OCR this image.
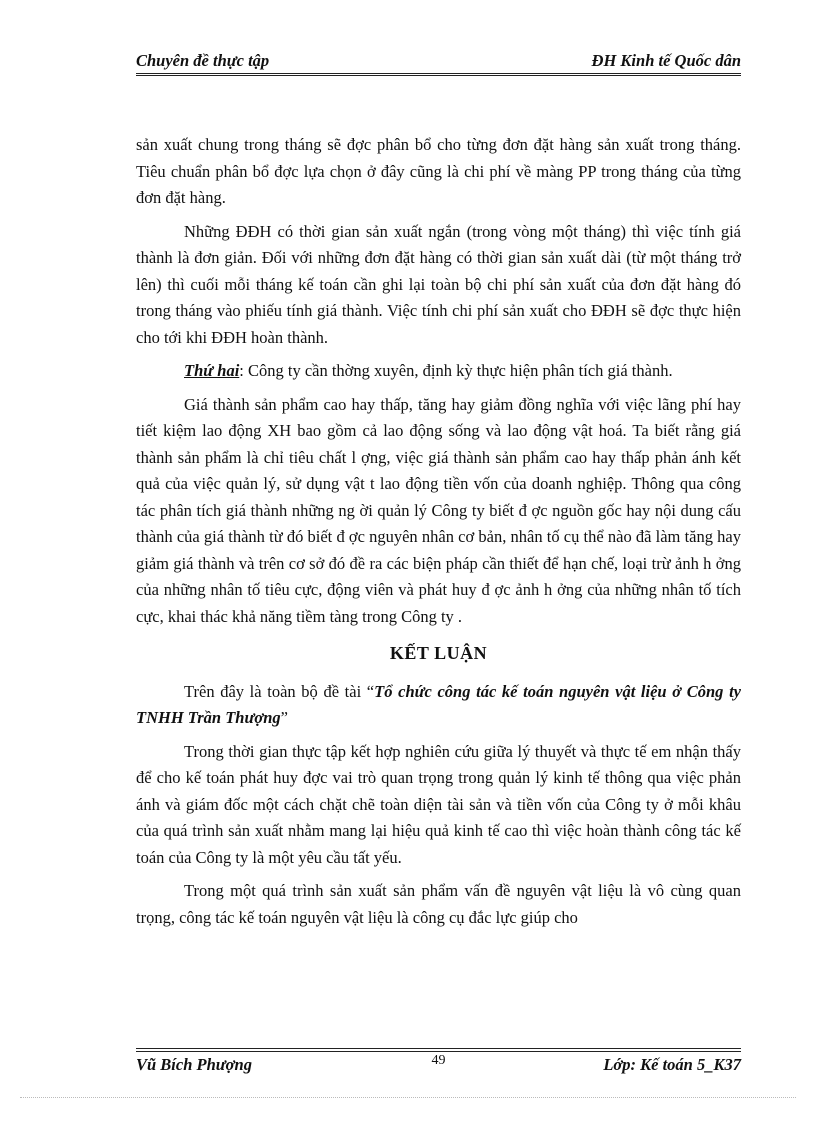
Chuyên đề thực tập	ĐH Kinh tế Quốc dân

sản xuất chung trong tháng sẽ đợc phân bổ cho từng đơn đặt hàng sản xuất trong tháng. Tiêu chuẩn phân bổ đợc lựa chọn ở đây cũng là chi phí về màng PP trong tháng của từng đơn đặt hàng.

Những ĐĐH có thời gian sản xuất ngắn (trong vòng một tháng) thì việc tính giá thành là đơn giản. Đối với những đơn đặt hàng có thời gian sản xuất dài (từ một tháng trở lên) thì cuối mỗi tháng kế toán cần ghi lại toàn bộ chi phí sản xuất của đơn đặt hàng đó trong tháng vào phiếu tính giá thành. Việc tính chi phí sản xuất cho ĐĐH sẽ đợc thực hiện cho tới khi ĐĐH hoàn thành.

Thứ hai: Công ty cần thờng xuyên, định kỳ thực hiện phân tích giá thành.

Giá thành sản phẩm cao hay thấp, tăng hay giảm đồng nghĩa với việc lãng phí hay tiết kiệm lao động XH bao gồm cả lao động sống và lao động vật hoá. Ta biết rằng giá thành sản phẩm là chỉ tiêu chất l ợng, việc giá thành sản phẩm cao hay thấp phản ánh kết quả của việc quản lý, sử dụng vật t lao động tiền vốn của doanh nghiệp. Thông qua công tác phân tích giá thành những ng ời quản lý Công ty biết đ ợc nguồn gốc hay nội dung cấu thành của giá thành từ đó biết đ ợc nguyên nhân cơ bản, nhân tố cụ thể nào đã làm tăng hay giảm giá thành và trên cơ sở đó đề ra các biện pháp cần thiết để hạn chế, loại trừ ảnh h ởng của những nhân tố tiêu cực, động viên và phát huy đ ợc ảnh h ởng của những nhân tố tích cực, khai thác khả năng tiềm tàng trong Công ty .

KẾT LUẬN

Trên đây là toàn bộ đề tài “Tổ chức công tác kế toán nguyên vật liệu ở Công ty TNHH Trần Thượng”

Trong thời gian thực tập kết hợp nghiên cứu giữa lý thuyết và thực tế em nhận thấy để cho kế toán phát huy đợc vai trò quan trọng trong quản lý kinh tế thông qua việc phản ánh và giám đốc một cách chặt chẽ toàn diện tài sản và tiền vốn của Công ty ở mỗi khâu của quá trình sản xuất nhằm mang lại hiệu quả kinh tế cao thì việc hoàn thành công tác kế toán của Công ty là một yêu cầu tất yếu.

Trong một quá trình sản xuất sản phẩm vấn đề nguyên vật liệu là vô cùng quan trọng, công tác kế toán nguyên vật liệu là công cụ đắc lực giúp cho

Vũ Bích Phượng	49	Lớp: Kế toán 5_K37
